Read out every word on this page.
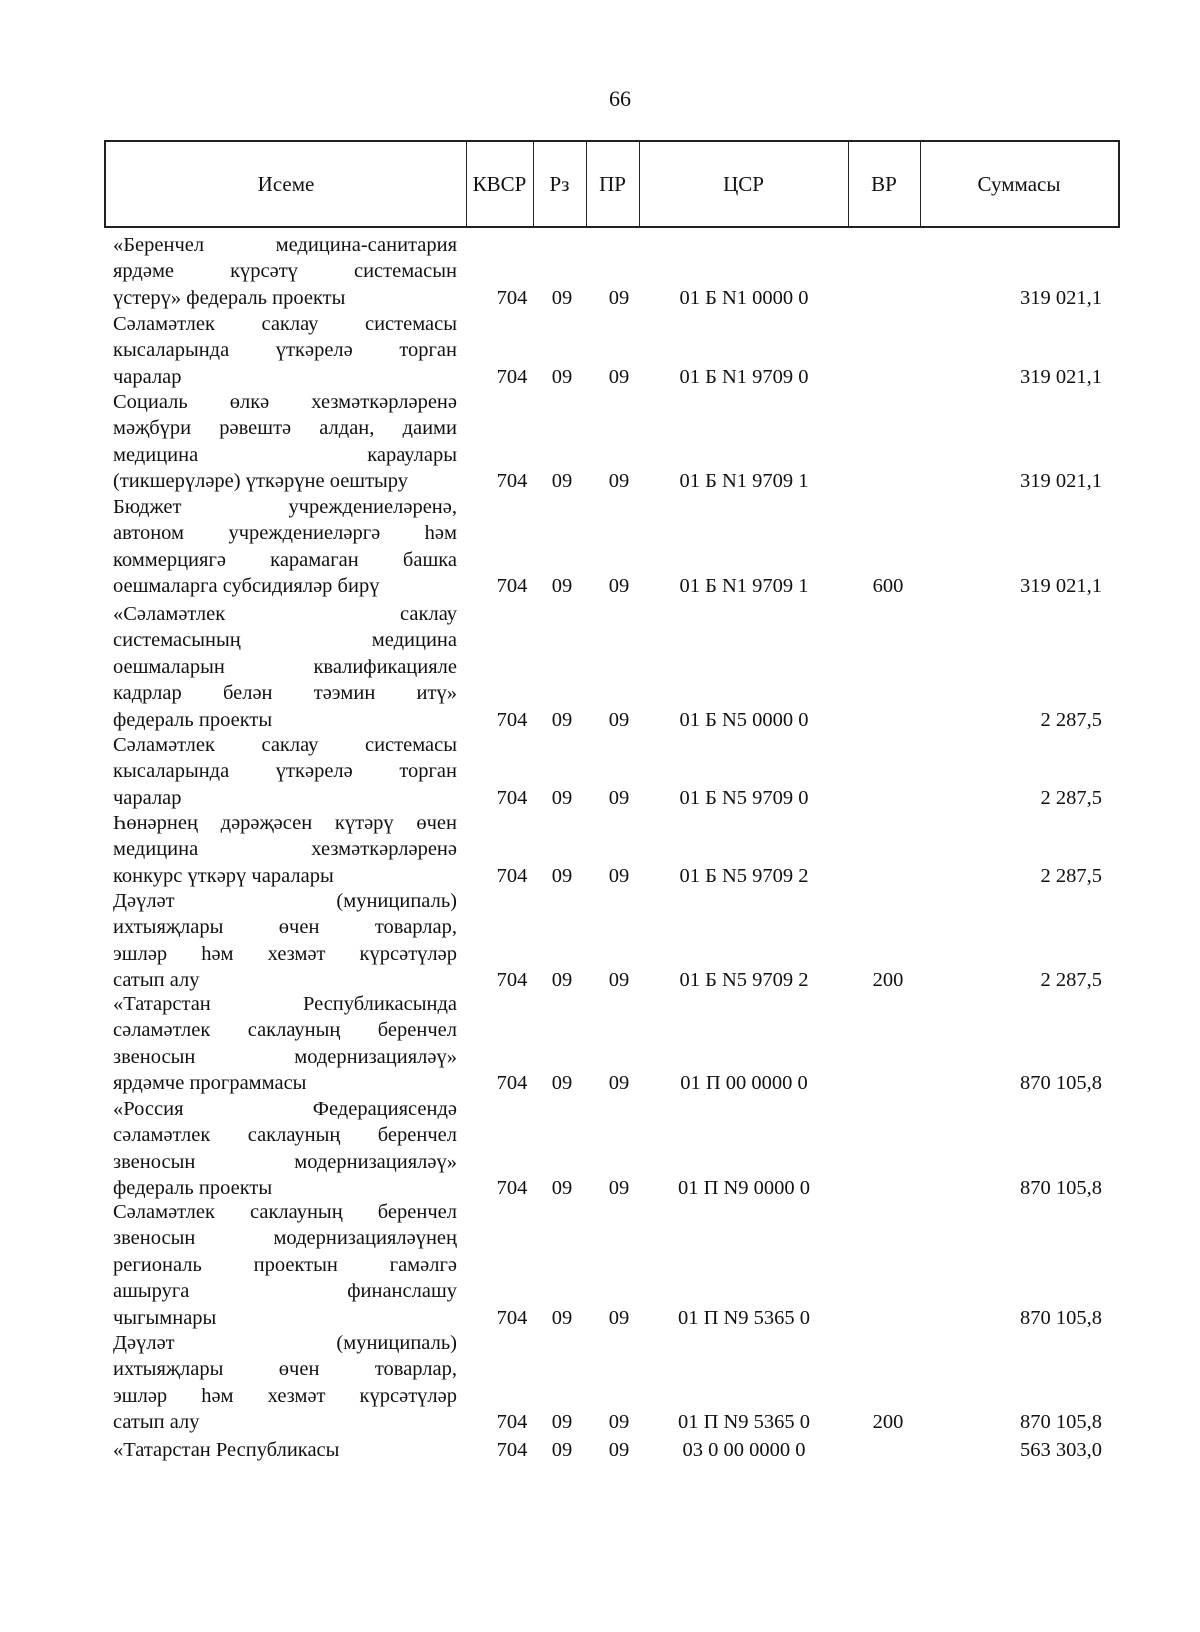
66
Исеме	КВСР	Рз	ПР	ЦСР	ВР	Суммасы
«Беренчел медицина-санитария
ярдәме күрсәтү системасын
үстерү» федераль проекты	704	09	09	01 Б N1 0000 0	319 021,1
Сәламәтлек саклау системасы
кысаларында үткәрелә торган
чаралар	704	09	09	01 Б N1 9709 0	319 021,1
Социаль өлкә хезмәткәрләренә
мәҗбүри рәвештә алдан, даими
медицина караулары
(тикшерүләре) үткәрүне оештыру	704	09	09	01 Б N1 9709 1	319 021,1
Бюджет учреждениеләренә,
автоном учреждениеләргә һәм
коммерциягә карамаган башка
оешмаларга субсидияләр бирү	704	09	09	01 Б N1 9709 1	600	319 021,1
«Сәламәтлек саклау
системасының медицина
оешмаларын квалификацияле
кадрлар белән тәэмин итү»
федераль проекты	704	09	09	01 Б N5 0000 0	2 287,5
Сәламәтлек саклау системасы
кысаларында үткәрелә торган
чаралар	704	09	09	01 Б N5 9709 0	2 287,5
Һөнәрнең дәрәҗәсен күтәрү өчен
медицина хезмәткәрләренә
конкурс үткәрү чаралары	704	09	09	01 Б N5 9709 2	2 287,5
Дәүләт (муниципаль)
ихтыяҗлары өчен товарлар,
эшләр һәм хезмәт күрсәтүләр
сатып алу	704	09	09	01 Б N5 9709 2	200	2 287,5
«Татарстан Республикасында
сәламәтлек саклауның беренчел
звеносын модернизацияләү»
ярдәмче программасы	704	09	09	01 П 00 0000 0	870 105,8
«Россия Федерациясендә
сәламәтлек саклауның беренчел
звеносын модернизацияләү»
федераль проекты	704	09	09	01 П N9 0000 0	870 105,8
Сәламәтлек саклауның беренчел
звеносын модернизацияләүнең
региональ проектын гамәлгә
ашыруга финанслашу
чыгымнары	704	09	09	01 П N9 5365 0	870 105,8
Дәүләт (муниципаль)
ихтыяҗлары өчен товарлар,
эшләр һәм хезмәт күрсәтүләр
сатып алу	704	09	09	01 П N9 5365 0	200	870 105,8
«Татарстан Республикасы	704	09	09	03 0 00 0000 0	563 303,0
